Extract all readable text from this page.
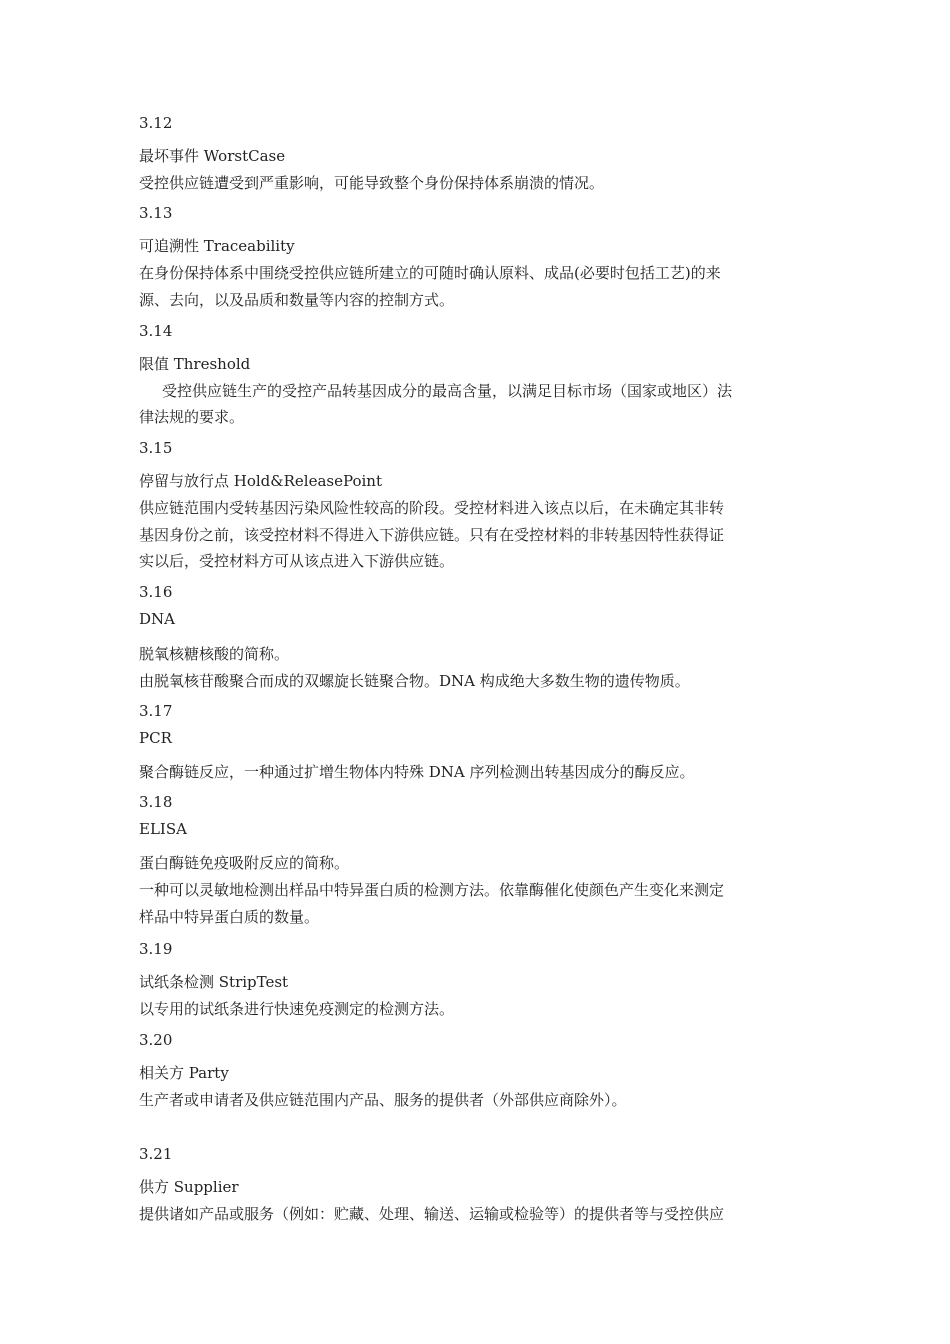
3.12
最坏事件 WorstCase
受控供应链遭受到严重影响，可能导致整个身份保持体系崩溃的情况。
3.13
可追溯性 Traceability
在身份保持体系中围绕受控供应链所建立的可随时确认原料、成品(必要时包括工艺)的来
源、去向，以及品质和数量等内容的控制方式。
3.14
限值 Threshold
受控供应链生产的受控产品转基因成分的最高含量，以满足目标市场（国家或地区）法
律法规的要求。
3.15
停留与放行点 Hold&ReleasePoint
供应链范围内受转基因污染风险性较高的阶段。受控材料进入该点以后，在未确定其非转
基因身份之前，该受控材料不得进入下游供应链。只有在受控材料的非转基因特性获得证
实以后，受控材料方可从该点进入下游供应链。
3.16
DNA
脱氧核糖核酸的简称。
由脱氧核苷酸聚合而成的双螺旋长链聚合物。DNA 构成绝大多数生物的遗传物质。
3.17
PCR
聚合酶链反应，一种通过扩增生物体内特殊 DNA 序列检测出转基因成分的酶反应。
3.18
ELISA
蛋白酶链免疫吸附反应的简称。
一种可以灵敏地检测出样品中特异蛋白质的检测方法。依靠酶催化使颜色产生变化来测定
样品中特异蛋白质的数量。
3.19
试纸条检测 StripTest
以专用的试纸条进行快速免疫测定的检测方法。
3.20
相关方 Party
生产者或申请者及供应链范围内产品、服务的提供者（外部供应商除外）。
3.21
供方 Supplier
提供诸如产品或服务（例如：贮藏、处理、输送、运输或检验等）的提供者等与受控供应
